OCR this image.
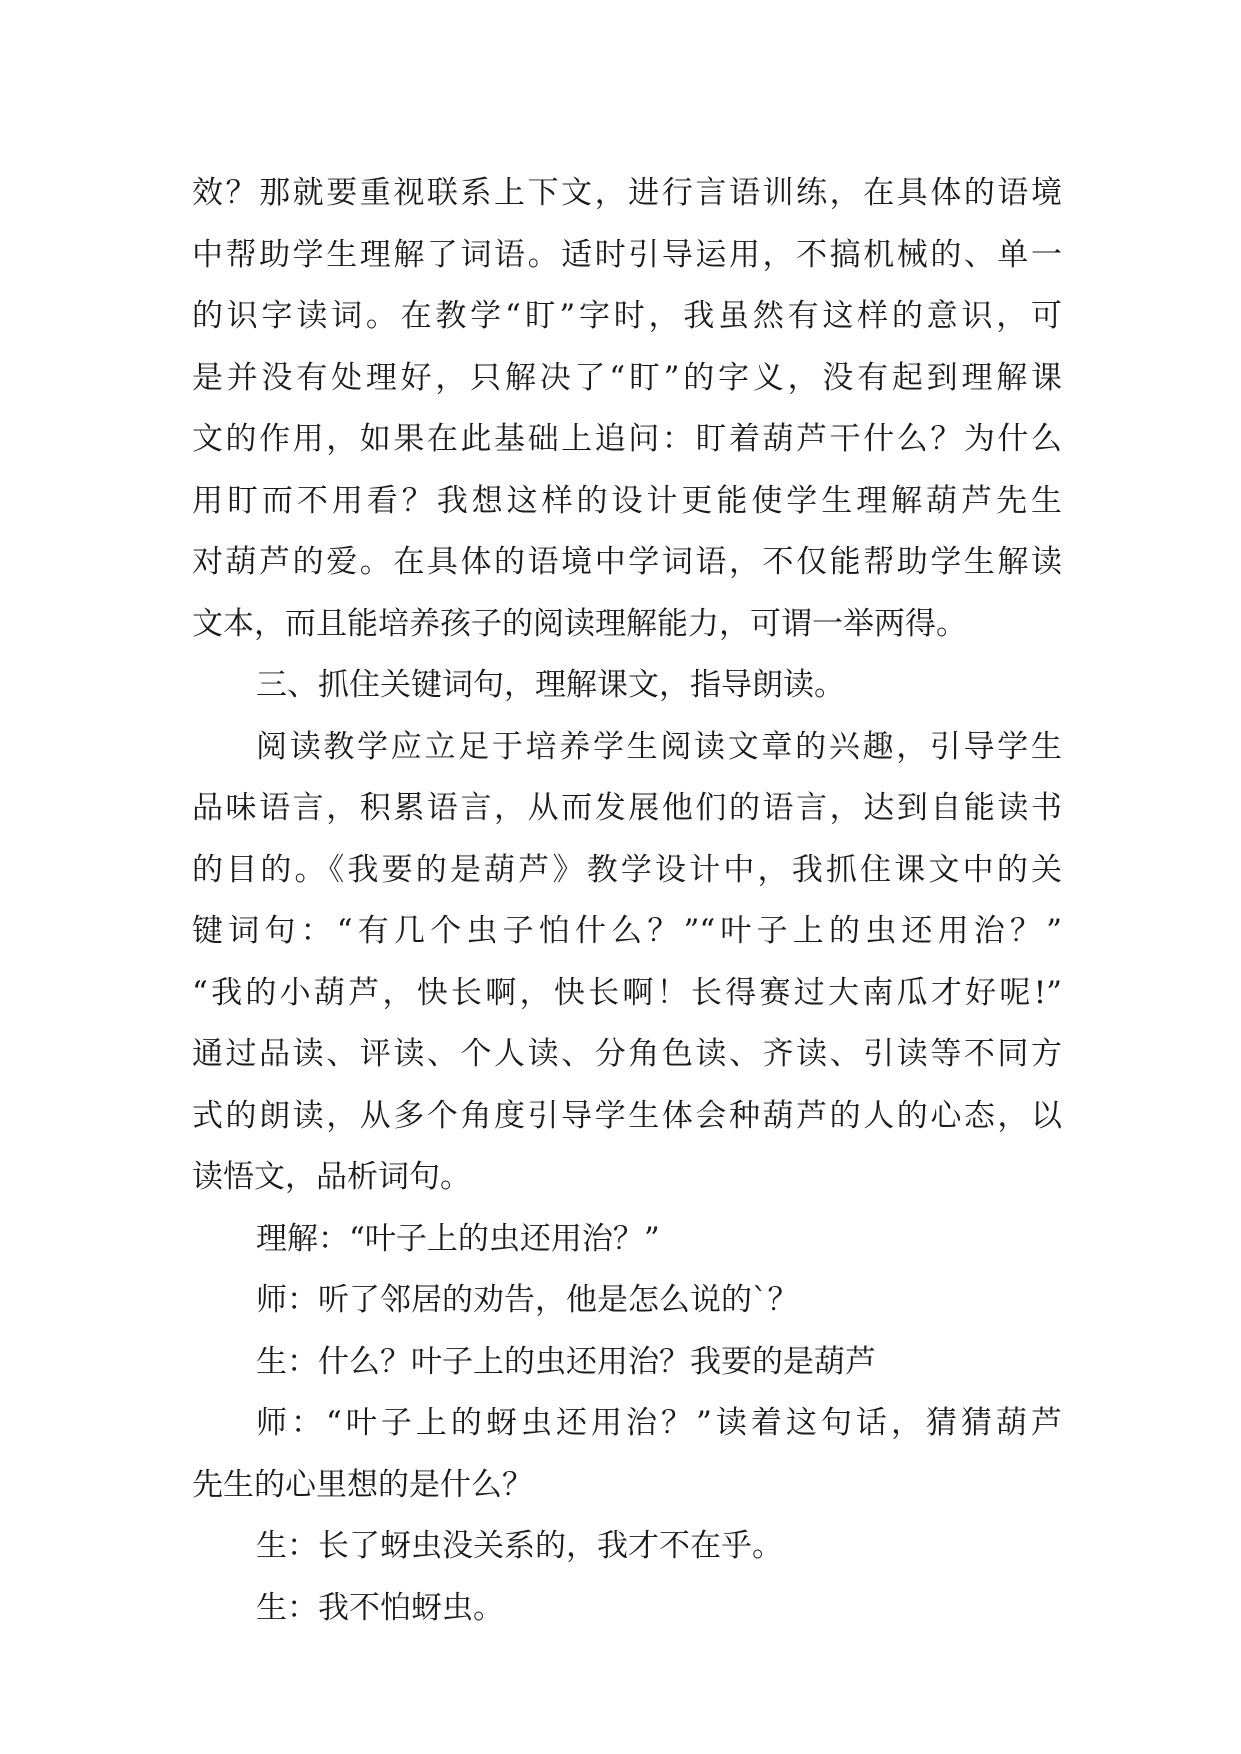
效？那就要重视联系上下文，进行言语训练，在具体的语境
中帮助学生理解了词语。适时引导运用，不搞机械的、单一
的识字读词。在教学“盯”字时，我虽然有这样的意识，可
是并没有处理好，只解决了“盯”的字义，没有起到理解课
文的作用，如果在此基础上追问：盯着葫芦干什么？为什么
用盯而不用看？我想这样的设计更能使学生理解葫芦先生
对葫芦的爱。在具体的语境中学词语，不仅能帮助学生解读
文本，而且能培养孩子的阅读理解能力，可谓一举两得。
三、抓住关键词句，理解课文，指导朗读。
阅读教学应立足于培养学生阅读文章的兴趣，引导学生
品味语言，积累语言，从而发展他们的语言，达到自能读书
的目的。《我要的是葫芦》教学设计中，我抓住课文中的关
键词句：“有几个虫子怕什么？”“叶子上的虫还用治？”
“我的小葫芦，快长啊，快长啊！长得赛过大南瓜才好呢!”
通过品读、评读、个人读、分角色读、齐读、引读等不同方
式的朗读，从多个角度引导学生体会种葫芦的人的心态，以
读悟文，品析词句。
理解：“叶子上的虫还用治？”
师：听了邻居的劝告，他是怎么说的`？
生：什么？叶子上的虫还用治？我要的是葫芦
师：“叶子上的蚜虫还用治？”读着这句话，猜猜葫芦
先生的心里想的是什么？
生：长了蚜虫没关系的，我才不在乎。
生：我不怕蚜虫。
